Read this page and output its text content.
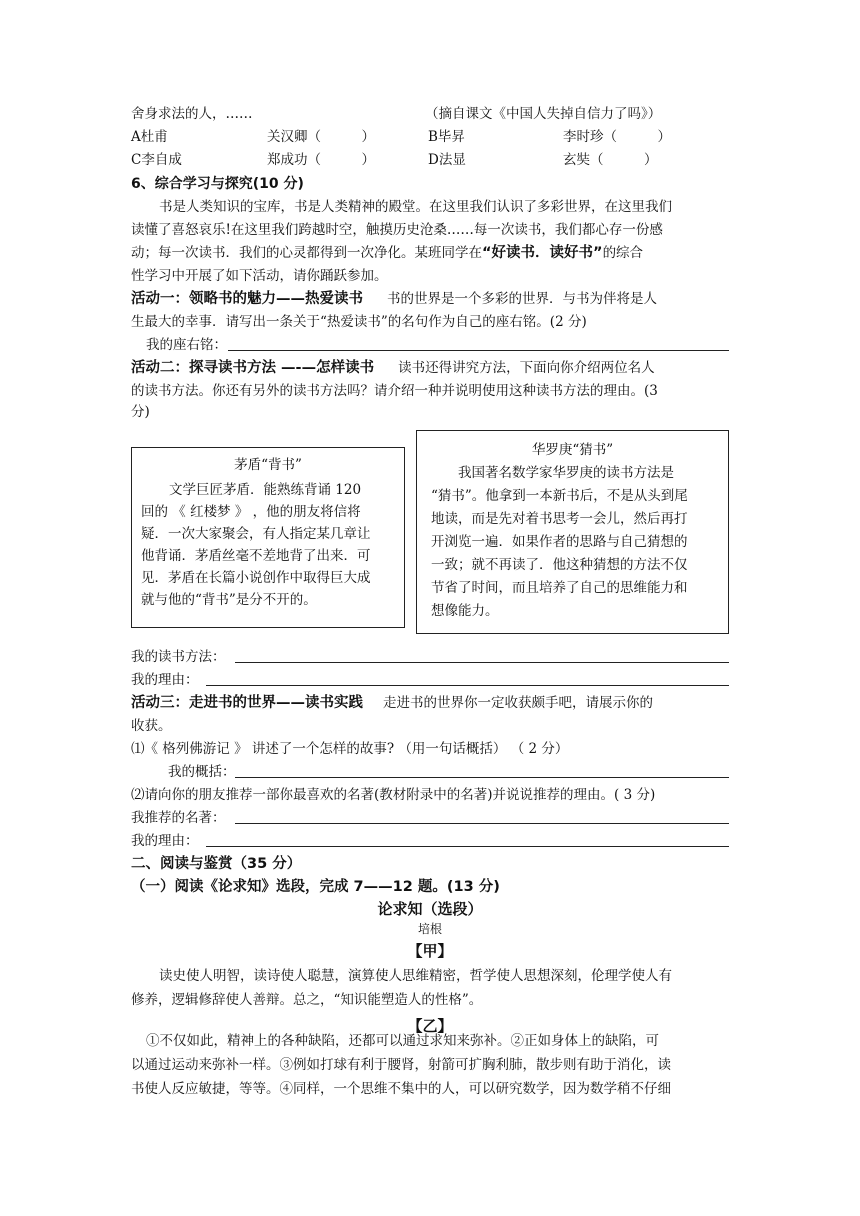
舍身求法的人，……	（摘自课文《中国人失掉自信力了吗》）
A杜甫	关汉卿（　　　）	B毕昇	李时珍（　　　）
C李自成	郑成功（　　　）	D法显	玄奘（　　　）
6、综合学习与探究(10 分)
书是人类知识的宝库，书是人类精神的殿堂。在这里我们认识了多彩世界，在这里我们
读懂了喜怒哀乐!在这里我们跨越时空，触摸历史沧桑……每一次读书，我们都心存一份感
动；每一次读书．我们的心灵都得到一次净化。某班同学在“好读书．读好书”的综合
性学习中开展了如下活动，请你踊跃参加。
活动一：领略书的魅力——热爱读书 书的世界是一个多彩的世界．与书为伴将是人
生最大的幸事．请写出一条关于“热爱读书”的名句作为自己的座右铭。(2 分)
我的座右铭：
活动二：探寻读书方法 —-—怎样读书 读书还得讲究方法，下面向你介绍两位名人
的读书方法。你还有另外的读书方法吗？请介绍一种并说明使用这种读书方法的理由。(3
分)
茅盾“背书”
文学巨匠茅盾．能熟练背诵 120
回的 《 红楼梦 》 ，他的朋友将信将
疑．一次大家聚会，有人指定某几章让
他背诵．茅盾丝毫不差地背了出来．可
见．茅盾在长篇小说创作中取得巨大成
就与他的“背书”是分不开的。
华罗庚“猜书”
我国著名数学家华罗庚的读书方法是
“猜书”。他拿到一本新书后，不是从头到尾
地读，而是先对着书思考一会儿，然后再打
开浏览一遍．如果作者的思路与自己猜想的
一致；就不再读了．他这种猜想的方法不仅
节省了时间，而且培养了自己的思维能力和
想像能力。
我的读书方法：
我的理由：
活动三：走进书的世界——读书实践 走进书的世界你一定收获颇手吧，请展示你的
收获。
⑴《 格列佛游记 》 讲述了一个怎样的故事? （用一句话概括） （ 2 分）
我的概括：
⑵请向你的朋友推荐一部你最喜欢的名著(教材附录中的名著)并说说推荐的理由。( 3 分)
我推荐的名著：
我的理由：
二、阅读与鉴赏（35 分）
（一）阅读《论求知》选段，完成 7——12 题。(13 分)
论求知（选段）
培根
【甲】
读史使人明智，读诗使人聪慧，演算使人思维精密，哲学使人思想深刻，伦理学使人有
修养，逻辑修辞使人善辩。总之，“知识能塑造人的性格”。
【乙】
①不仅如此，精神上的各种缺陷，还都可以通过求知来弥补。②正如身体上的缺陷，可
以通过运动来弥补一样。③例如打球有利于腰肾，射箭可扩胸利肺，散步则有助于消化，读
书使人反应敏捷，等等。④同样，一个思维不集中的人，可以研究数学，因为数学稍不仔细
